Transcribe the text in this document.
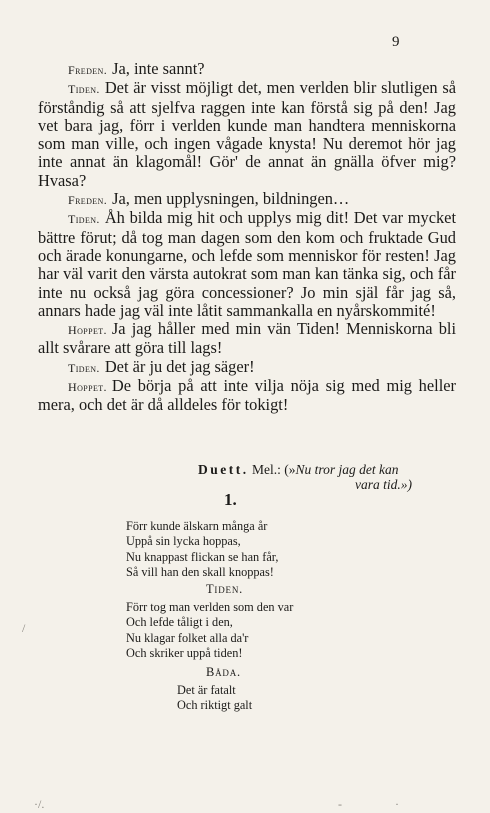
9

Freden. Ja, inte sannt?

Tiden. Det är visst möjligt det, men verlden blir slutligen så förståndig så att sjelfva raggen inte kan förstå sig på den! Jag vet bara jag, förr i verlden kunde man handtera menniskorna som man ville, och ingen vågade knysta! Nu deremot hör jag inte annat än klagomål! Gör' de annat än gnälla öfver mig? Hvasa?

Freden. Ja, men upplysningen, bildningen…

Tiden. Åh bilda mig hit och upplys mig dit! Det var mycket bättre förut; då tog man dagen som den kom och fruktade Gud och ärade konungarne, och lefde som menniskor för resten! Jag har väl varit den värsta autokrat som man kan tänka sig, och får inte nu också jag göra concessioner? Jo min själ får jag så, annars hade jag väl inte låtit sammankalla en nyårskommité!

Hoppet. Ja jag håller med min vän Tiden! Menniskorna bli allt svårare att göra till lags!

Tiden. Det är ju det jag säger!

Hoppet. De börja på att inte vilja nöja sig med mig heller mera, och det är då alldeles för tokigt!

Duett. Mel.: (»Nu tror jag det kan
vara tid.»)
1.
Förr kunde älskarn många år
Uppå sin lycka hoppas,
Nu knappast flickan se han får,
Så vill han den skall knoppas!
Tiden.
Förr tog man verlden som den var
Och lefde tåligt i den,
Nu klagar folket alla da'r
Och skriker uppå tiden!
Båda.
Det är fatalt
Och riktigt galt
/
·/.	-	·
